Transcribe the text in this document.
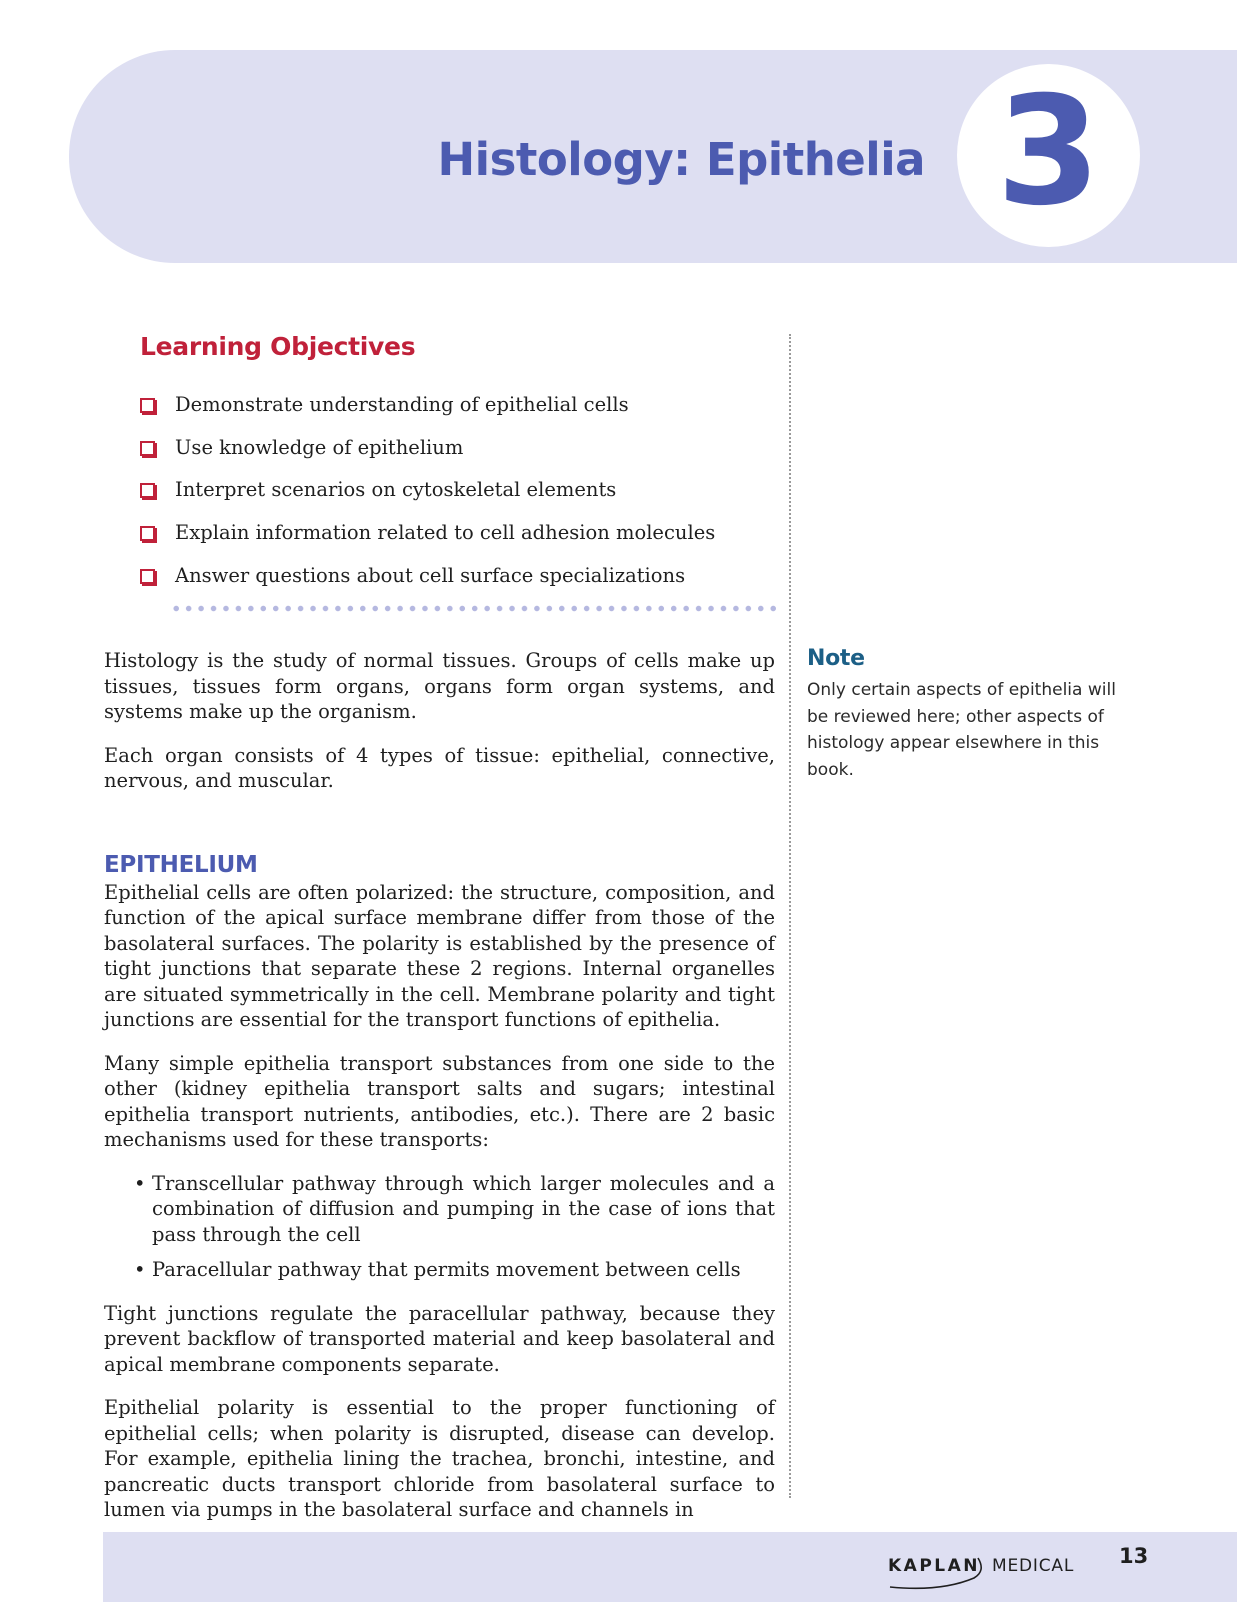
Histology: Epithelia 3
Learning Objectives
Demonstrate understanding of epithelial cells
Use knowledge of epithelium
Interpret scenarios on cytoskeletal elements
Explain information related to cell adhesion molecules
Answer questions about cell surface specializations

Histology is the study of normal tissues. Groups of cells make up tissues, tissues form organs, organs form organ systems, and systems make up the organism.

Each organ consists of 4 types of tissue: epithelial, connective, nervous, and muscular.

EPITHELIUM

Epithelial cells are often polarized: the structure, composition, and function of the apical surface membrane differ from those of the basolateral surfaces. The polarity is established by the presence of tight junctions that separate these 2 regions. Internal organelles are situated symmetrically in the cell. Membrane polarity and tight junctions are essential for the transport functions of epithelia.

Many simple epithelia transport substances from one side to the other (kidney epithelia transport salts and sugars; intestinal epithelia transport nutrients, antibodies, etc.). There are 2 basic mechanisms used for these transports:

• Transcellular pathway through which larger molecules and a combination of diffusion and pumping in the case of ions that pass through the cell
• Paracellular pathway that permits movement between cells

Tight junctions regulate the paracellular pathway, because they prevent backflow of transported material and keep basolateral and apical membrane components separate.

Epithelial polarity is essential to the proper functioning of epithelial cells; when polarity is disrupted, disease can develop. For example, epithelia lining the trachea, bronchi, intestine, and pancreatic ducts transport chloride from basolateral surface to lumen via pumps in the basolateral surface and channels in

Note

Only certain aspects of epithelia will be reviewed here; other aspects of histology appear elsewhere in this book.

KAPLAN MEDICAL 13
